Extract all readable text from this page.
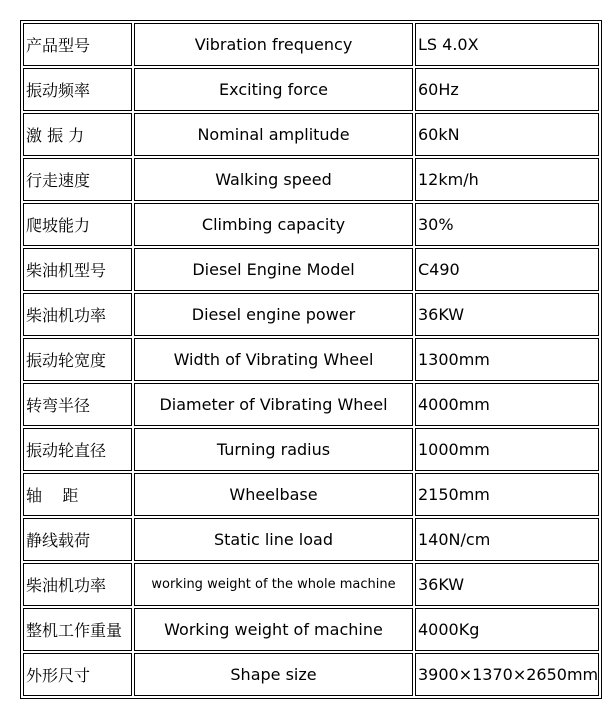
产品型号	Vibration frequency	LS 4.0X
振动频率	Exciting force	60Hz
激 振 力	Nominal amplitude	60kN
行走速度	Walking speed	12km/h
爬坡能力	Climbing capacity	30%
柴油机型号	Diesel Engine Model	C490
柴油机功率	Diesel engine power	36KW
振动轮宽度	Width of Vibrating Wheel	1300mm
转弯半径	Diameter of Vibrating Wheel	4000mm
振动轮直径	Turning radius	1000mm
轴    距	Wheelbase	2150mm
静线载荷	Static line load	140N/cm
柴油机功率	working weight of the whole machine	36KW
整机工作重量	Working weight of machine	4000Kg
外形尺寸	Shape size	3900×1370×2650mm
